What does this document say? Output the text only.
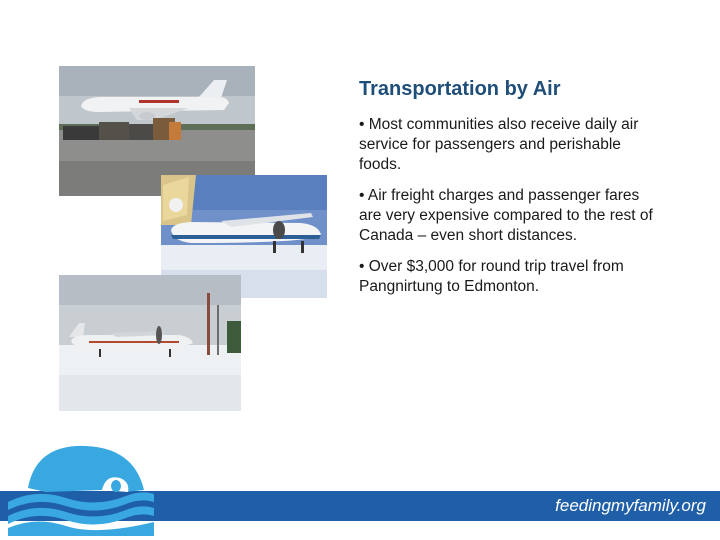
Transportation by Air
• Most communities also receive daily air service for passengers and perishable foods.
• Air freight charges and passenger fares are very expensive compared to the rest of Canada – even short distances.
• Over $3,000 for round trip travel from Pangnirtung to Edmonton.
feedingmyfamily.org
